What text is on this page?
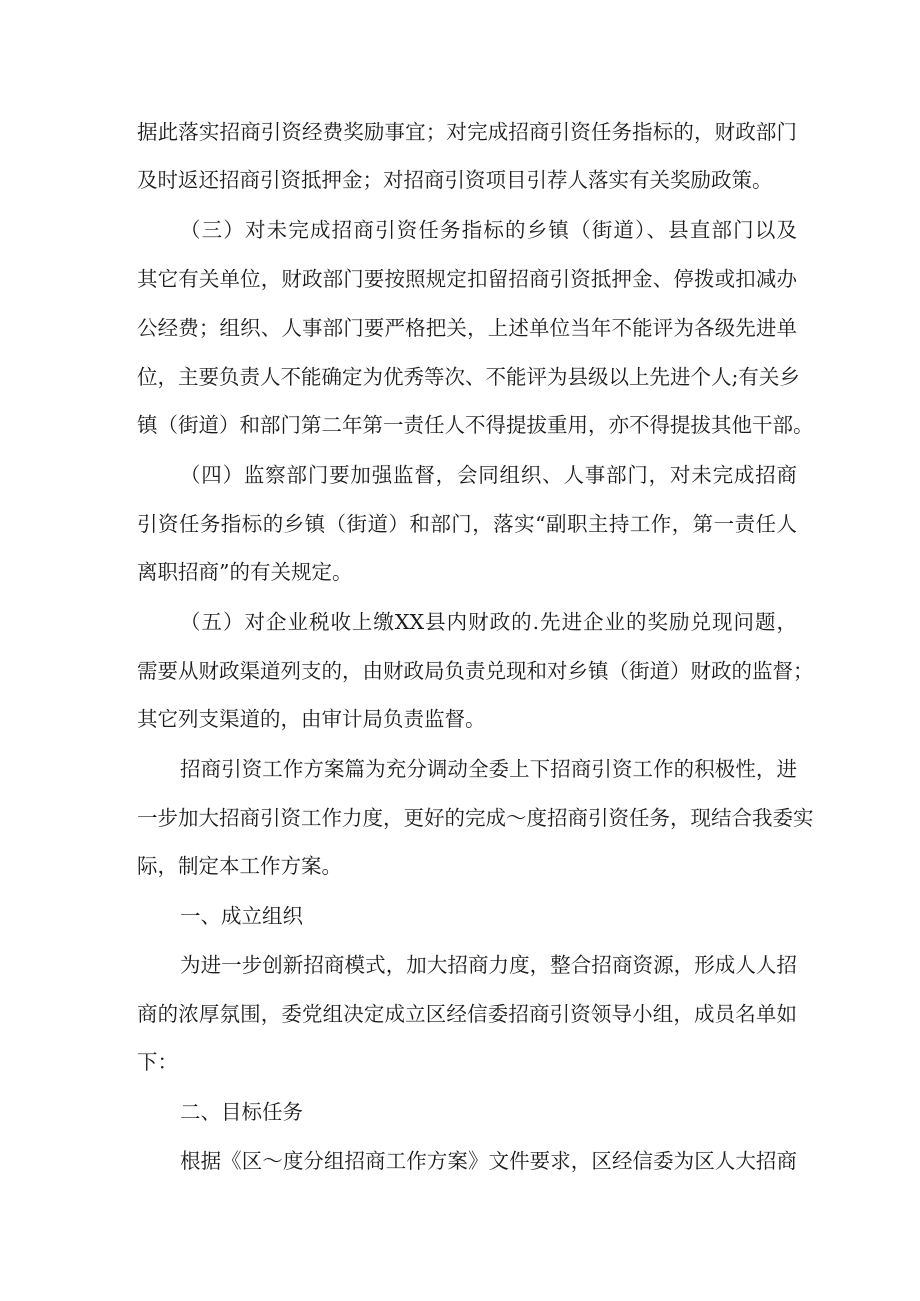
据此落实招商引资经费奖励事宜；对完成招商引资任务指标的，财政部门
及时返还招商引资抵押金；对招商引资项目引荐人落实有关奖励政策。
（三）对未完成招商引资任务指标的乡镇（街道）、县直部门以及
其它有关单位，财政部门要按照规定扣留招商引资抵押金、停拨或扣减办
公经费；组织、人事部门要严格把关，上述单位当年不能评为各级先进单
位，主要负责人不能确定为优秀等次、不能评为县级以上先进个人;有关乡
镇（街道）和部门第二年第一责任人不得提拔重用，亦不得提拔其他干部。
（四）监察部门要加强监督，会同组织、人事部门，对未完成招商
引资任务指标的乡镇（街道）和部门，落实“副职主持工作，第一责任人
离职招商”的有关规定。
（五）对企业税收上缴XX县内财政的.先进企业的奖励兑现问题，
需要从财政渠道列支的，由财政局负责兑现和对乡镇（街道）财政的监督；
其它列支渠道的，由审计局负责监督。
招商引资工作方案篇为充分调动全委上下招商引资工作的积极性，进
一步加大招商引资工作力度，更好的完成～度招商引资任务，现结合我委实
际，制定本工作方案。
一、成立组织
为进一步创新招商模式，加大招商力度，整合招商资源，形成人人招
商的浓厚氛围，委党组决定成立区经信委招商引资领导小组，成员名单如
下：
二、目标任务
根据《区～度分组招商工作方案》文件要求，区经信委为区人大招商
